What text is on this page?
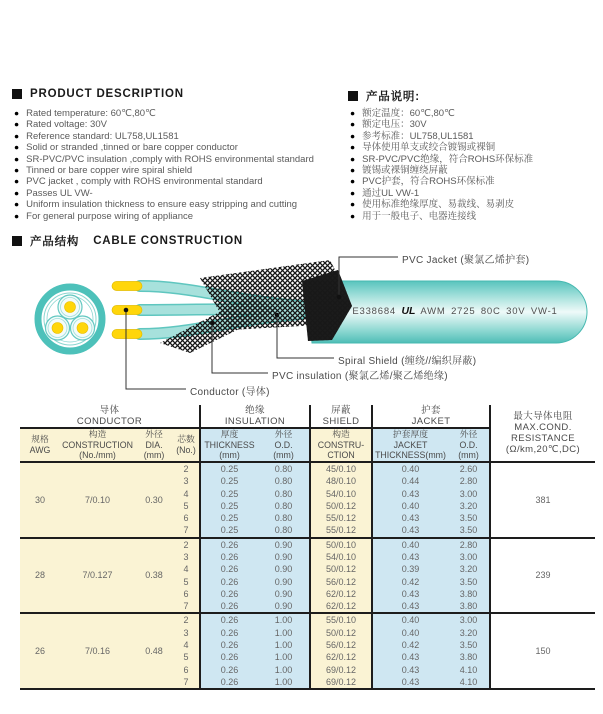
PRODUCT DESCRIPTION
● Rated temperature: 60℃,80℃
● Rated voltage: 30V
● Reference standard: UL758,UL1581
● Solid or stranded ,tinned or bare copper conductor
● SR-PVC/PVC insulation ,comply with ROHS environmental standard
● Tinned or bare copper wire spiral shield
● PVC jacket , comply with ROHS environmental standard
● Passes UL VW-
● Uniform insulation thickness to ensure easy stripping and cutting
● For general purpose wiring of appliance
产品说明:
● 额定温度：60℃,80℃
● 额定电压：30V
● 参考标准：UL758,UL1581
● 导体使用单支或绞合镀锡或裸铜
● SR-PVC/PVC绝缘，符合ROHS环保标准
● 镀锡或裸铜缠绕屏蔽
● PVC护套，符合ROHS环保标准
● 通过UL VW-1
● 使用标准绝缘厚度、易裁线、易剥皮
● 用于一般电子、电器连接线
产品结构 CABLE CONSTRUCTION
E338684 UL AWM 2725 80C 30V VW-1
PVC Jacket (聚氯乙烯护套)
Spiral Shield (缠绕//编织屏蔽)
PVC insulation (聚氯乙烯/聚乙烯绝缘)
Conductor (导体)
导体
CONDUCTOR				绝缘
INSULATION		屏蔽
SHIELD	护套
JACKET		最大导体电阻
MAX.COND.
RESISTANCE
(Ω/km,20℃,DC)

规格
AWG	构造
CONSTRUCTION
(No./mm)	外径
DIA.
(mm)	芯数
(No.)	厚度
THICKNESS
(mm)	外径
O.D.
(mm)	构造
CONSTRU-
CTION	护套厚度
JACKET
THICKNESS(mm)	外径
O.D.
(mm)	

30	7/0.10	0.30	2	0.25	0.80	45/0.10	0.40	2.60	381
			3	0.25	0.80	48/0.10	0.44	2.80	
			4	0.25	0.80	54/0.10	0.43	3.00	
			5	0.25	0.80	50/0.12	0.40	3.20	
			6	0.25	0.80	55/0.12	0.43	3.50	
			7	0.25	0.80	55/0.12	0.43	3.50	
28	7/0.127	0.38	2	0.26	0.90	50/0.10	0.40	2.80	239
			3	0.26	0.90	54/0.10	0.43	3.00	
			4	0.26	0.90	50/0.12	0.39	3.20	
			5	0.26	0.90	56/0.12	0.42	3.50	
			6	0.26	0.90	62/0.12	0.43	3.80	
			7	0.26	0.90	62/0.12	0.43	3.80	
26	7/0.16	0.48	2	0.26	1.00	55/0.10	0.40	3.00	150
			3	0.26	1.00	50/0.12	0.40	3.20	
			4	0.26	1.00	56/0.12	0.42	3.50	
			5	0.26	1.00	62/0.12	0.43	3.80	
			6	0.26	1.00	69/0.12	0.43	4.10	
			7	0.26	1.00	69/0.12	0.43	4.10	
